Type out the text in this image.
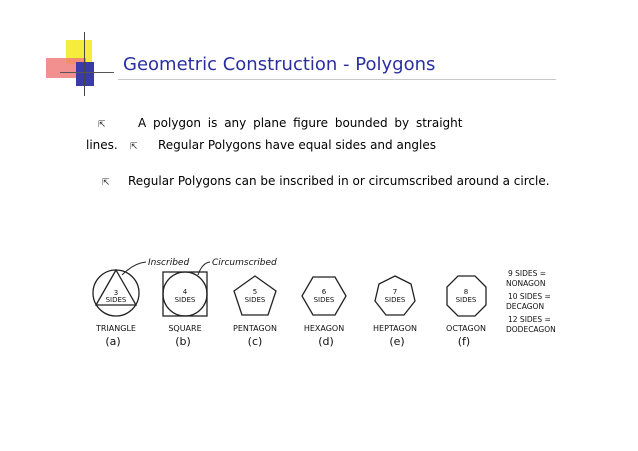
Geometric Construction - Polygons
⇱	A polygon is any plane figure bounded by straight
lines. ⇱ Regular Polygons have equal sides and angles
⇱ Regular Polygons can be inscribed in or circumscribed around a circle.
Inscribed	Circumscribed
3
SIDES
4
SIDES
5
SIDES
6
SIDES
7
SIDES
8
SIDES
TRIANGLE	SQUARE	PENTAGON	HEXAGON	HEPTAGON	OCTAGON
(a)	(b)	(c)	(d)	(e)	(f)
9 SIDES =
NONAGON
10 SIDES =
DECAGON
12 SIDES =
DODECAGON
